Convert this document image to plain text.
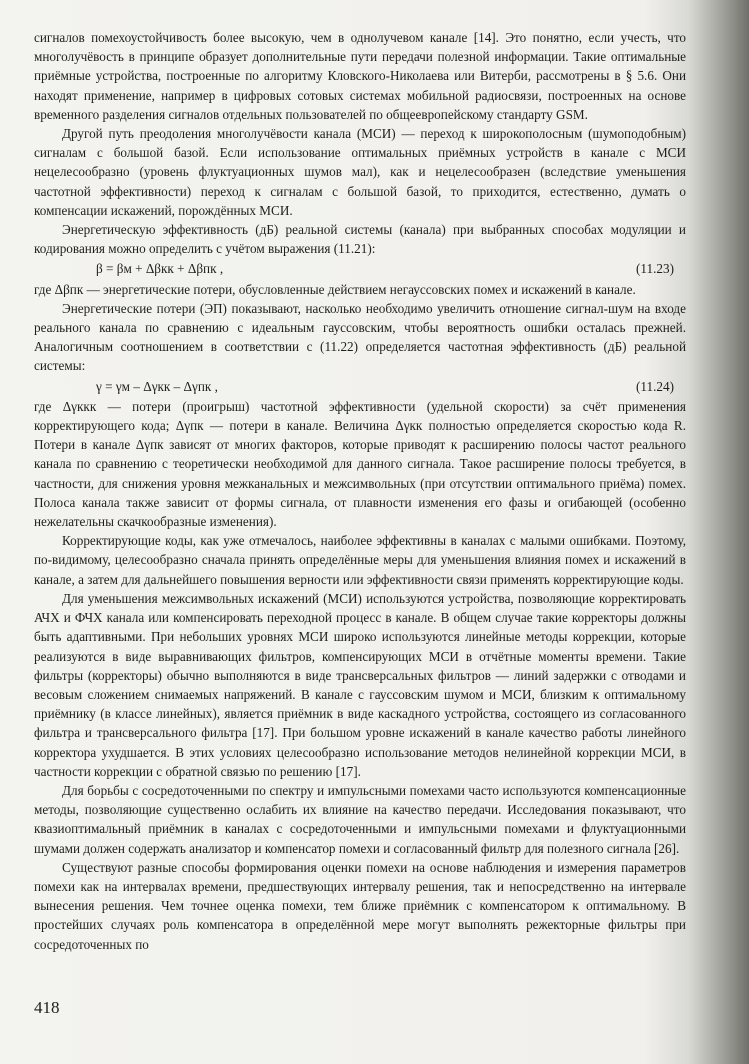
сигналов помехоустойчивость более высокую, чем в однолучевом канале [14]. Это понятно, если учесть, что многолучёвость в принципе образует дополнительные пути передачи полезной информации. Такие оптимальные приёмные устройства, построенные по алгоритму Кловского-Николаева или Витерби, рассмотрены в § 5.6. Они находят применение, например в цифровых сотовых системах мобильной радиосвязи, построенных на основе временного разделения сигналов отдельных пользователей по общеевропейскому стандарту GSM.

Другой путь преодоления многолучёвости канала (МСИ) — переход к широкополосным (шумоподобным) сигналам с большой базой. Если использование оптимальных приёмных устройств в канале с МСИ нецелесообразно (уровень флуктуационных шумов мал), как и нецелесообразен (вследствие уменьшения частотной эффективности) переход к сигналам с большой базой, то приходится, естественно, думать о компенсации искажений, порождённых МСИ.

Энергетическую эффективность (дБ) реальной системы (канала) при выбранных способах модуляции и кодирования можно определить с учётом выражения (11.21):

β = βм + Δβкк + Δβпк ,	(11.23)

где Δβпк — энергетические потери, обусловленные действием негауссовских помех и искажений в канале.

Энергетические потери (ЭП) показывают, насколько необходимо увеличить отношение сигнал-шум на входе реального канала по сравнению с идеальным гауссовским, чтобы вероятность ошибки осталась прежней. Аналогичным соотношением в соответствии с (11.22) определяется частотная эффективность (дБ) реальной системы:

γ = γм – Δγкк – Δγпк ,	(11.24)

где Δγккк — потери (проигрыш) частотной эффективности (удельной скорости) за счёт применения корректирующего кода; Δγпк — потери в канале. Величина Δγкк полностью определяется скоростью кода R. Потери в канале Δγпк зависят от многих факторов, которые приводят к расширению полосы частот реального канала по сравнению с теоретически необходимой для данного сигнала. Такое расширение полосы требуется, в частности, для снижения уровня межканальных и межсимвольных (при отсутствии оптимального приёма) помех. Полоса канала также зависит от формы сигнала, от плавности изменения его фазы и огибающей (особенно нежелательны скачкообразные изменения).

Корректирующие коды, как уже отмечалось, наиболее эффективны в каналах с малыми ошибками. Поэтому, по-видимому, целесообразно сначала принять определённые меры для уменьшения влияния помех и искажений в канале, а затем для дальнейшего повышения верности или эффективности связи применять корректирующие коды.

Для уменьшения межсимвольных искажений (МСИ) используются устройства, позволяющие корректировать АЧХ и ФЧХ канала или компенсировать переходной процесс в канале. В общем случае такие корректоры должны быть адаптивными. При небольших уровнях МСИ широко используются линейные методы коррекции, которые реализуются в виде выравнивающих фильтров, компенсирующих МСИ в отчётные моменты времени. Такие фильтры (корректоры) обычно выполняются в виде трансверсальных фильтров — линий задержки с отводами и весовым сложением снимаемых напряжений. В канале с гауссовским шумом и МСИ, близким к оптимальному приёмнику (в классе линейных), является приёмник в виде каскадного устройства, состоящего из согласованного фильтра и трансверсального фильтра [17]. При большом уровне искажений в канале качество работы линейного корректора ухудшается. В этих условиях целесообразно использование методов нелинейной коррекции МСИ, в частности коррекции с обратной связью по решению [17].

Для борьбы с сосредоточенными по спектру и импульсными помехами часто используются компенсационные методы, позволяющие существенно ослабить их влияние на качество передачи. Исследования показывают, что квазиоптимальный приёмник в каналах с сосредоточенными и импульсными помехами и флуктуационными шумами должен содержать анализатор и компенсатор помехи и согласованный фильтр для полезного сигнала [26].

Существуют разные способы формирования оценки помехи на основе наблюдения и измерения параметров помехи как на интервалах времени, предшествующих интервалу решения, так и непосредственно на интервале вынесения решения. Чем точнее оценка помехи, тем ближе приёмник с компенсатором к оптимальному. В простейших случаях роль компенсатора в определённой мере могут выполнять режекторные фильтры при сосредоточенных по

418
